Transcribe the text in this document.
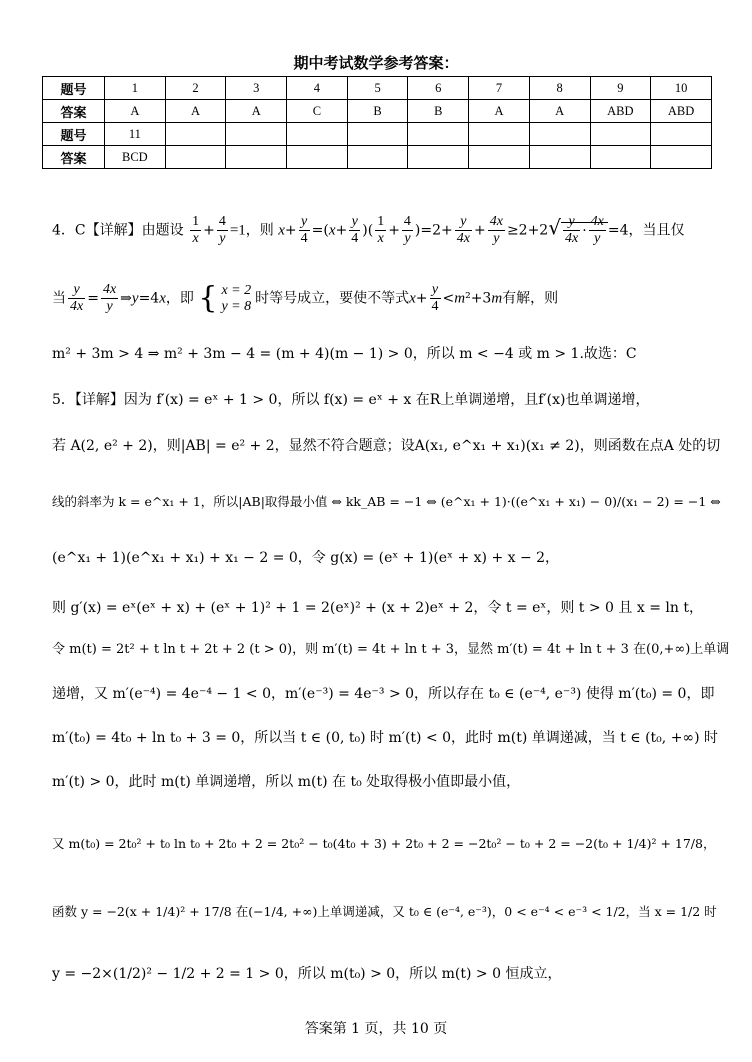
期中考试数学参考答案：
题号	1	2	3	4	5	6	7	8	9	10
答案	A	A	A	C	B	B	A	A	ABD	ABD
题号	11									
答案	BCD									
4．C【详解】由题设 $\frac{1}{x} + \frac{4}{y} =1$，则 $x+ \frac{y}{4} =(x+ \frac{y}{4}$ )( $\frac{1}{x} + \frac{4}{y} )=2+ \frac{y}{4x} + \frac{4x}{y} \ge 2+2√ \frac{y}{4x} \cdot \frac{4x}{y} =4$，当且仅
当 $\frac{y}{4x} = \frac{4x}{y}$ ⇒y=4x，即 { x = 2
y = 8 时等号成立，要使不等式$x+ \frac{y}{4} <m^2+3m$有解，则
m² + 3m > 4 ⇒ m² + 3m − 4 = (m + 4)(m − 1) > 0，所以 m < −4 或 m > 1.故选：C
5．【详解】因为 f′(x) = eˣ + 1 > 0，所以 f(x) = eˣ + x 在R上单调递增，且f′(x)也单调递增，
若 A(2, e² + 2)，则|AB| = e² + 2，显然不符合题意；设A(x₁, e^x₁ + x₁)(x₁ ≠ 2)，则函数在点A 处的切
线的斜率为 k = e^x₁ + 1，所以|AB|取得最小值 ⇔ kk_AB = −1 ⇔ (e^x₁ + 1)·((e^x₁ + x₁) − 0)/(x₁ − 2) = −1 ⇔
(e^x₁ + 1)(e^x₁ + x₁) + x₁ − 2 = 0，令 g(x) = (eˣ + 1)(eˣ + x) + x − 2，
则 g′(x) = eˣ(eˣ + x) + (eˣ + 1)² + 1 = 2(eˣ)² + (x + 2)eˣ + 2，令 t = eˣ，则 t > 0 且 x = ln t，
令 m(t) = 2t² + t ln t + 2t + 2 (t > 0)，则 m′(t) = 4t + ln t + 3，显然 m′(t) = 4t + ln t + 3 在(0,+∞)上单调
递增，又 m′(e⁻⁴) = 4e⁻⁴ − 1 < 0，m′(e⁻³) = 4e⁻³ > 0，所以存在 t₀ ∈ (e⁻⁴, e⁻³) 使得 m′(t₀) = 0，即
m′(t₀) = 4t₀ + ln t₀ + 3 = 0，所以当 t ∈ (0, t₀) 时 m′(t) < 0，此时 m(t) 单调递减，当 t ∈ (t₀, +∞) 时
m′(t) > 0，此时 m(t) 单调递增，所以 m(t) 在 t₀ 处取得极小值即最小值，
又 m(t₀) = 2t₀² + t₀ ln t₀ + 2t₀ + 2 = 2t₀² − t₀(4t₀ + 3) + 2t₀ + 2 = −2t₀² − t₀ + 2 = −2(t₀ + 1/4)² + 17/8，
函数 y = −2(x + 1/4)² + 17/8 在(−1/4, +∞)上单调递减，又 t₀ ∈ (e⁻⁴, e⁻³)，0 < e⁻⁴ < e⁻³ < 1/2，当 x = 1/2 时
y = −2×(1/2)² − 1/2 + 2 = 1 > 0，所以 m(t₀) > 0，所以 m(t) > 0 恒成立，
答案第 1 页，共 10 页
